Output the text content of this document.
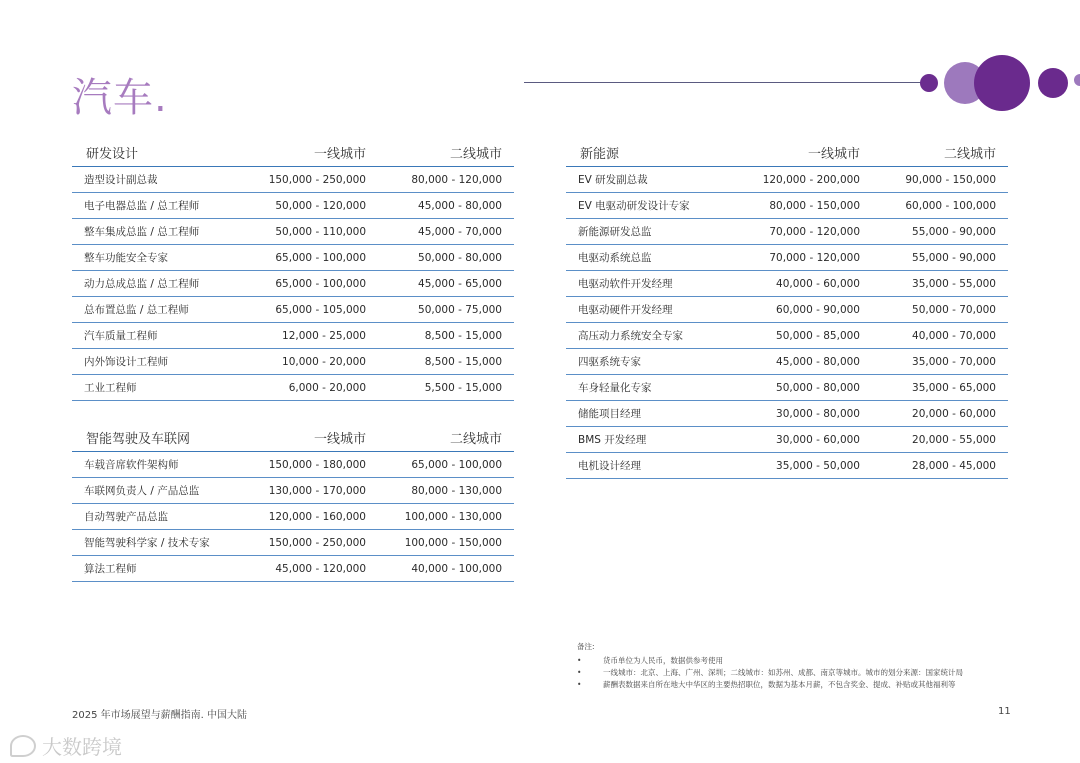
汽车.
研发设计	一线城市	二线城市
造型设计副总裁	150,000 - 250,000	80,000 - 120,000
电子电器总监 / 总工程师	50,000 - 120,000	45,000 - 80,000
整车集成总监 / 总工程师	50,000 - 110,000	45,000 - 70,000
整车功能安全专家	65,000 - 100,000	50,000 - 80,000
动力总成总监 / 总工程师	65,000 - 100,000	45,000 - 65,000
总布置总监 / 总工程师	65,000 - 105,000	50,000 - 75,000
汽车质量工程师	12,000 - 25,000	8,500 - 15,000
内外饰设计工程师	10,000 - 20,000	8,500 - 15,000
工业工程师	6,000 - 20,000	5,500 - 15,000
智能驾驶及车联网	一线城市	二线城市
车载音席软件架构师	150,000 - 180,000	65,000 - 100,000
车联网负责人 / 产品总监	130,000 - 170,000	80,000 - 130,000
自动驾驶产品总监	120,000 - 160,000	100,000 - 130,000
智能驾驶科学家 / 技术专家	150,000 - 250,000	100,000 - 150,000
算法工程师	45,000 - 120,000	40,000 - 100,000
新能源	一线城市	二线城市
EV 研发副总裁	120,000 - 200,000	90,000 - 150,000
EV 电驱动研发设计专家	80,000 - 150,000	60,000 - 100,000
新能源研发总监	70,000 - 120,000	55,000 - 90,000
电驱动系统总监	70,000 - 120,000	55,000 - 90,000
电驱动软件开发经理	40,000 - 60,000	35,000 - 55,000
电驱动硬件开发经理	60,000 - 90,000	50,000 - 70,000
高压动力系统安全专家	50,000 - 85,000	40,000 - 70,000
四驱系统专家	45,000 - 80,000	35,000 - 70,000
车身轻量化专家	50,000 - 80,000	35,000 - 65,000
储能项目经理	30,000 - 80,000	20,000 - 60,000
BMS 开发经理	30,000 - 60,000	20,000 - 55,000
电机设计经理	35,000 - 50,000	28,000 - 45,000
备注:
• 货币单位为人民币，数据供参考使用
• 一线城市：北京、上海、广州、深圳；二线城市：如苏州、成都、南京等城市。城市的划分来源：国家统计局
• 薪酬表数据来自所在地大中华区的主要热招职位，数据为基本月薪，不包含奖金、提成、补贴或其他福利等
2025 年市场展望与薪酬指南. 中国大陆	11
大数跨境
